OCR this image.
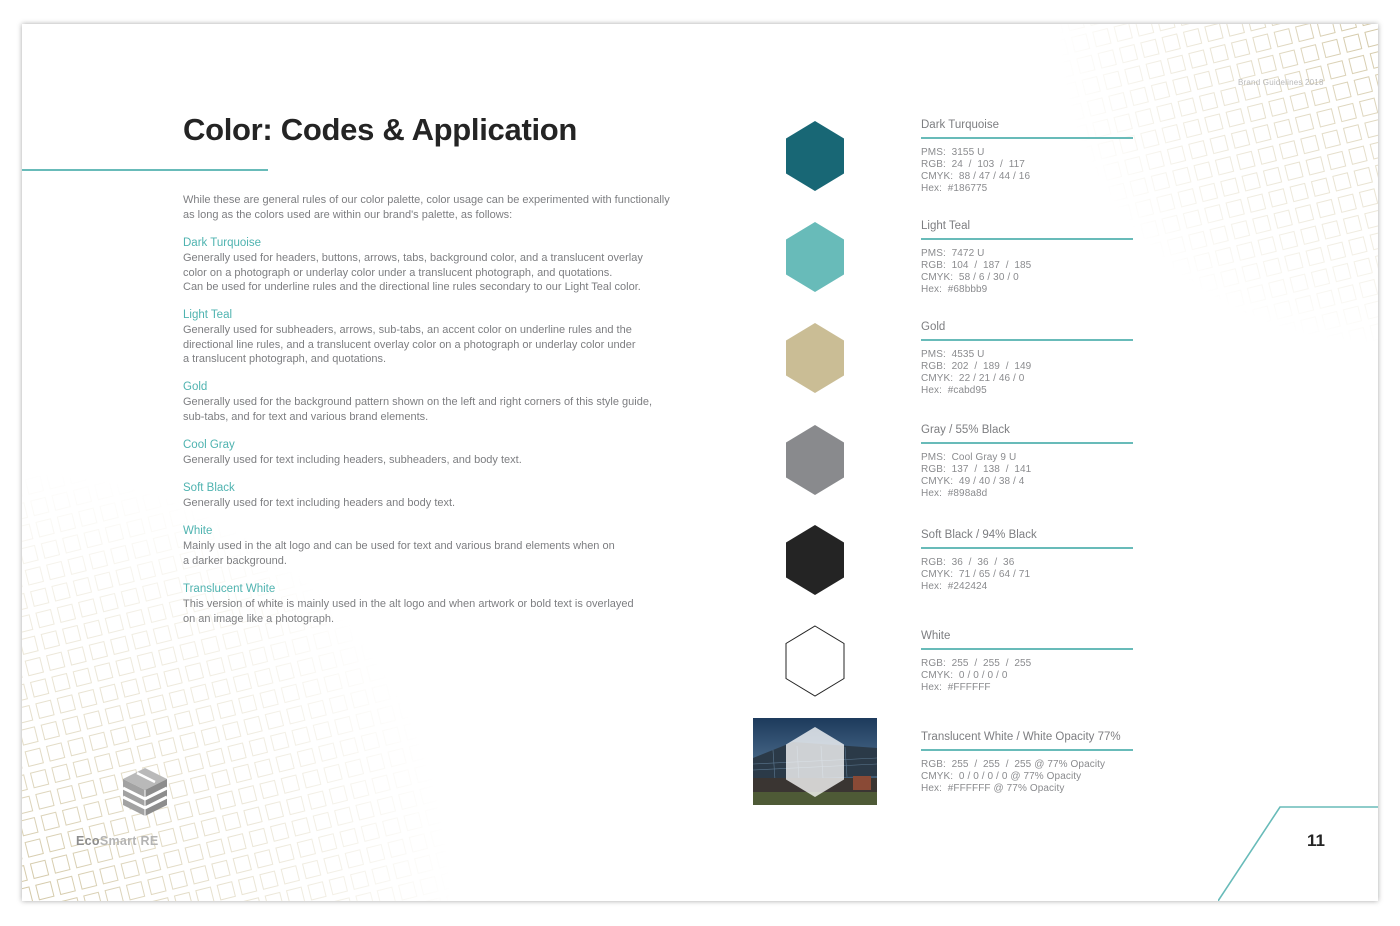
Brand Guidelines 2018
Color: Codes & Application

While these are general rules of our color palette, color usage can be experimented with functionally as long as the colors used are within our brand's palette, as follows:

Dark Turquoise
Generally used for headers, buttons, arrows, tabs, background color, and a translucent overlay
color on a photograph or underlay color under a translucent photograph, and quotations.
Can be used for underline rules and the directional line rules secondary to our Light Teal color.
Light Teal
Generally used for subheaders, arrows, sub-tabs, an accent color on underline rules and the
directional line rules, and a translucent overlay color on a photograph or underlay color under
a translucent photograph, and quotations.
Gold
Generally used for the background pattern shown on the left and right corners of this style guide,
sub-tabs, and for text and various brand elements.
Cool Gray
Generally used for text including headers, subheaders, and body text.
Soft Black
Generally used for text including headers and body text.
White
Mainly used in the alt logo and can be used for text and various brand elements when on
a darker background.
Translucent White
This version of white is mainly used in the alt logo and when artwork or bold text is overlayed
on an image like a photograph.
Dark Turquoise
PMS:  3155 U
RGB:  24  /  103  /  117
CMYK:  88 / 47 / 44 / 16
Hex:  #186775
Light Teal
PMS:  7472 U
RGB:  104  /  187  /  185
CMYK:  58 / 6 / 30 / 0
Hex:  #68bbb9
Gold
PMS:  4535 U
RGB:  202  /  189  /  149
CMYK:  22 / 21 / 46 / 0
Hex:  #cabd95
Gray / 55% Black
PMS:  Cool Gray 9 U
RGB:  137  /  138  /  141
CMYK:  49 / 40 / 38 / 4
Hex:  #898a8d
Soft Black / 94% Black
RGB:  36  /  36  /  36
CMYK:  71 / 65 / 64 / 71
Hex:  #242424
White
RGB:  255  /  255  /  255
CMYK:  0 / 0 / 0 / 0
Hex:  #FFFFFF
Translucent White / White Opacity 77%
RGB:  255  /  255  /  255 @ 77% Opacity
CMYK:  0 / 0 / 0 / 0 @ 77% Opacity
Hex:  #FFFFFF @ 77% Opacity
EcoSmart RE	11
